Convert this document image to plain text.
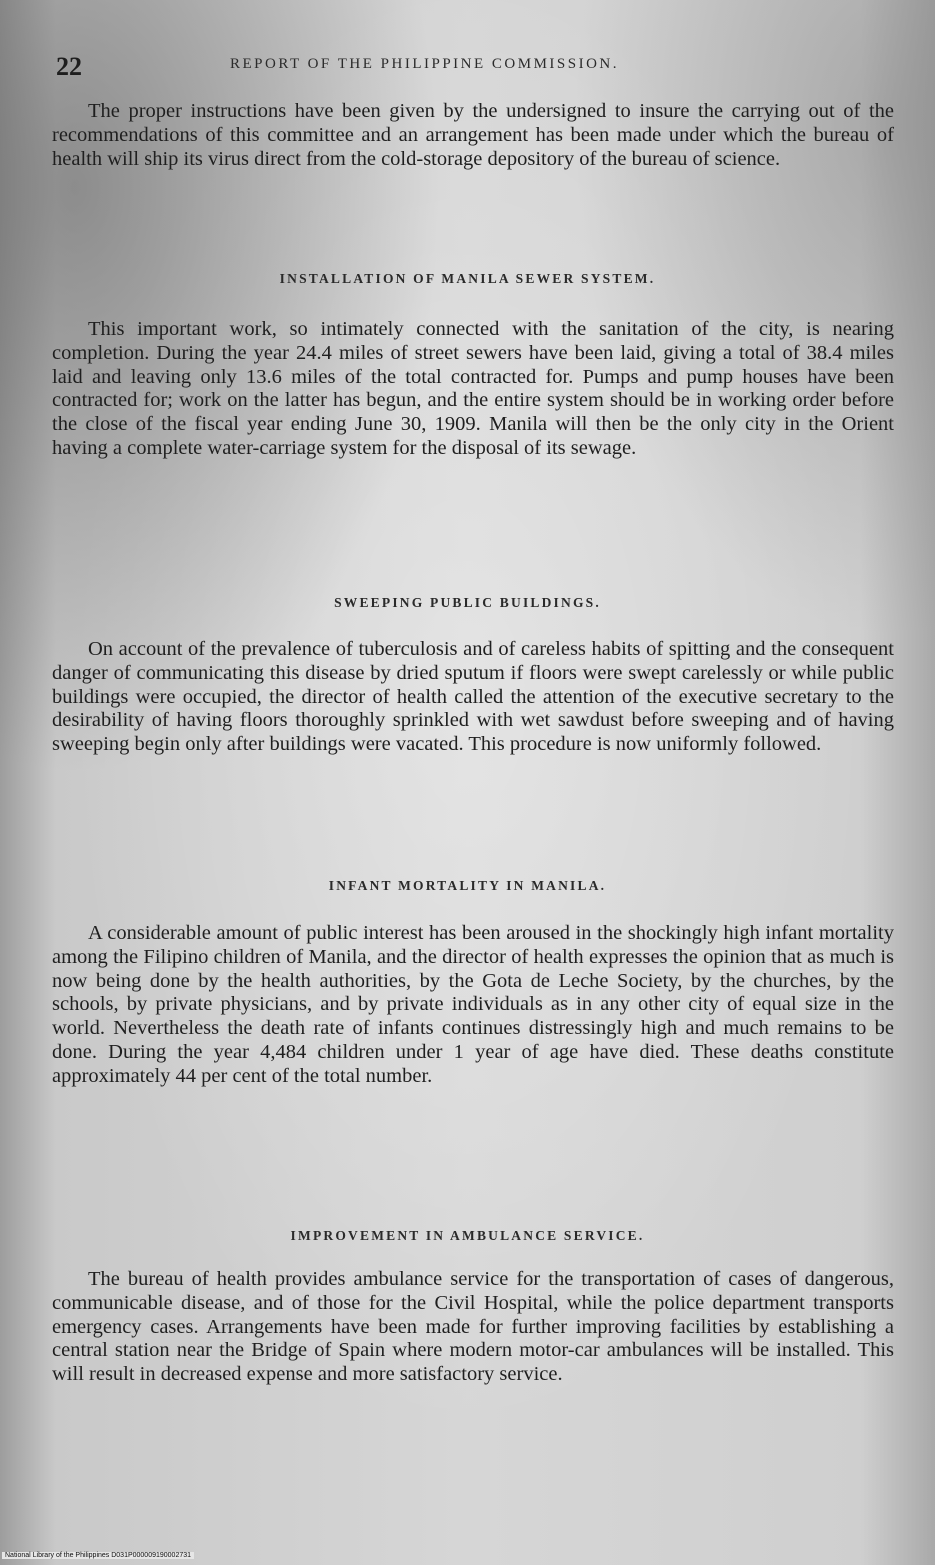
22	REPORT OF THE PHILIPPINE COMMISSION.

The proper instructions have been given by the undersigned to insure the carrying out of the recommendations of this committee and an arrangement has been made under which the bureau of health will ship its virus direct from the cold-storage depository of the bureau of science.

INSTALLATION OF MANILA SEWER SYSTEM.

This important work, so intimately connected with the sanitation of the city, is nearing completion. During the year 24.4 miles of street sewers have been laid, giving a total of 38.4 miles laid and leaving only 13.6 miles of the total contracted for. Pumps and pump houses have been contracted for; work on the latter has begun, and the entire system should be in working order before the close of the fiscal year ending June 30, 1909. Manila will then be the only city in the Orient having a complete water-carriage system for the disposal of its sewage.

SWEEPING PUBLIC BUILDINGS.

On account of the prevalence of tuberculosis and of careless habits of spitting and the consequent danger of communicating this disease by dried sputum if floors were swept carelessly or while public buildings were occupied, the director of health called the attention of the executive secretary to the desirability of having floors thoroughly sprinkled with wet sawdust before sweeping and of having sweeping begin only after buildings were vacated. This procedure is now uniformly followed.

INFANT MORTALITY IN MANILA.

A considerable amount of public interest has been aroused in the shockingly high infant mortality among the Filipino children of Manila, and the director of health expresses the opinion that as much is now being done by the health authorities, by the Gota de Leche Society, by the churches, by the schools, by private physicians, and by private individuals as in any other city of equal size in the world. Nevertheless the death rate of infants continues distressingly high and much remains to be done. During the year 4,484 children under 1 year of age have died. These deaths constitute approximately 44 per cent of the total number.

IMPROVEMENT IN AMBULANCE SERVICE.

The bureau of health provides ambulance service for the transportation of cases of dangerous, communicable disease, and of those for the Civil Hospital, while the police department transports emergency cases. Arrangements have been made for further improving facilities by establishing a central station near the Bridge of Spain where modern motor-car ambulances will be installed. This will result in decreased expense and more satisfactory service.

National Library of the Philippines D031P000009190002731
